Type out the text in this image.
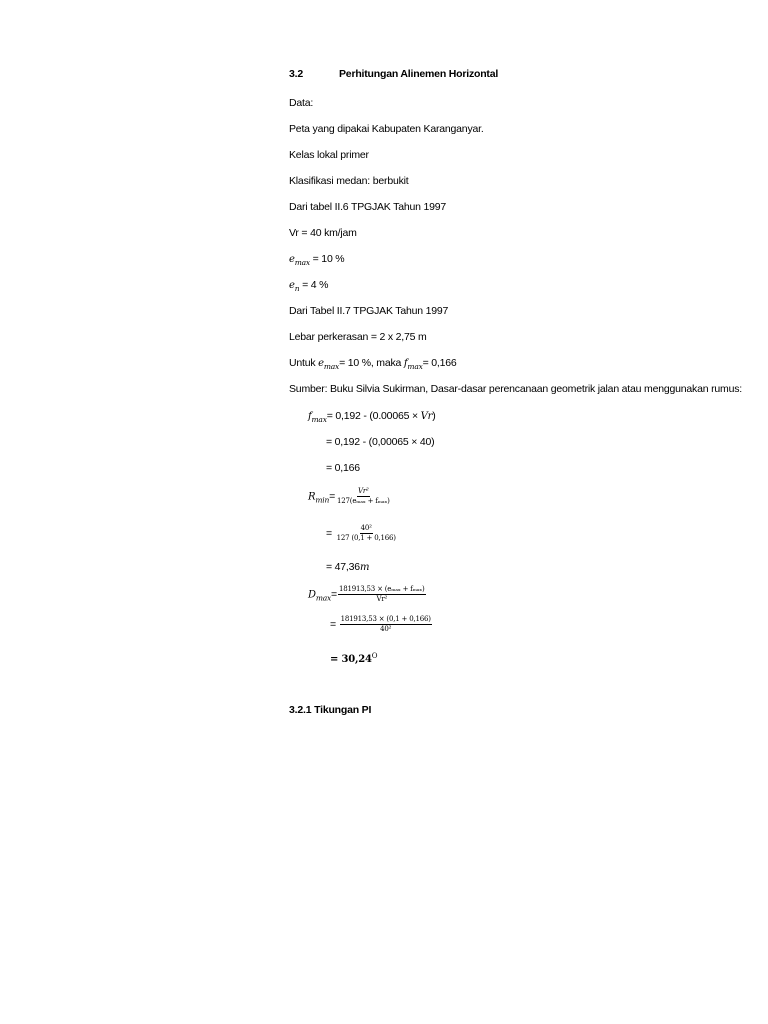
3.2	Perhitungan Alinemen Horizontal
Data:
Peta yang dipakai Kabupaten Karanganyar.
Kelas lokal primer
Klasifikasi medan: berbukit
Dari tabel II.6 TPGJAK Tahun 1997
Vr = 40 km/jam
$e_{max} = 10$ %
$e_n = 4$ %
Dari Tabel II.7 TPGJAK Tahun 1997
Lebar perkerasan = 2 x 2,75 m
Untuk $e_{max}= 10$ %, maka $f_{max}= 0,166$
Sumber: Buku Silvia Sukirman, Dasar-dasar perencanaan geometrik jalan atau menggunakan rumus:
$f_{max}= 0,192 - (0.00065 \times Vr)$
= 0,192 - (0,00065 × 40)
= 0,166
$R_{min}= \frac{\text{Vr²}}{\text{127(eₘₐₓ + fₘₐₓ)}}$
= $\frac{\text{40²}}{127 (0,1 + 0,166)}$
= 47,36m
$D_{max}= \frac{\text{181913,53 × (eₘₐₓ + fₘₐₓ)}}{\text{Vr²}}$
= $\frac{181913,53 \times (0,1 + 0,166)}{\text{40²}}$
= $30,24^O$
3.2.1 Tikungan PI
